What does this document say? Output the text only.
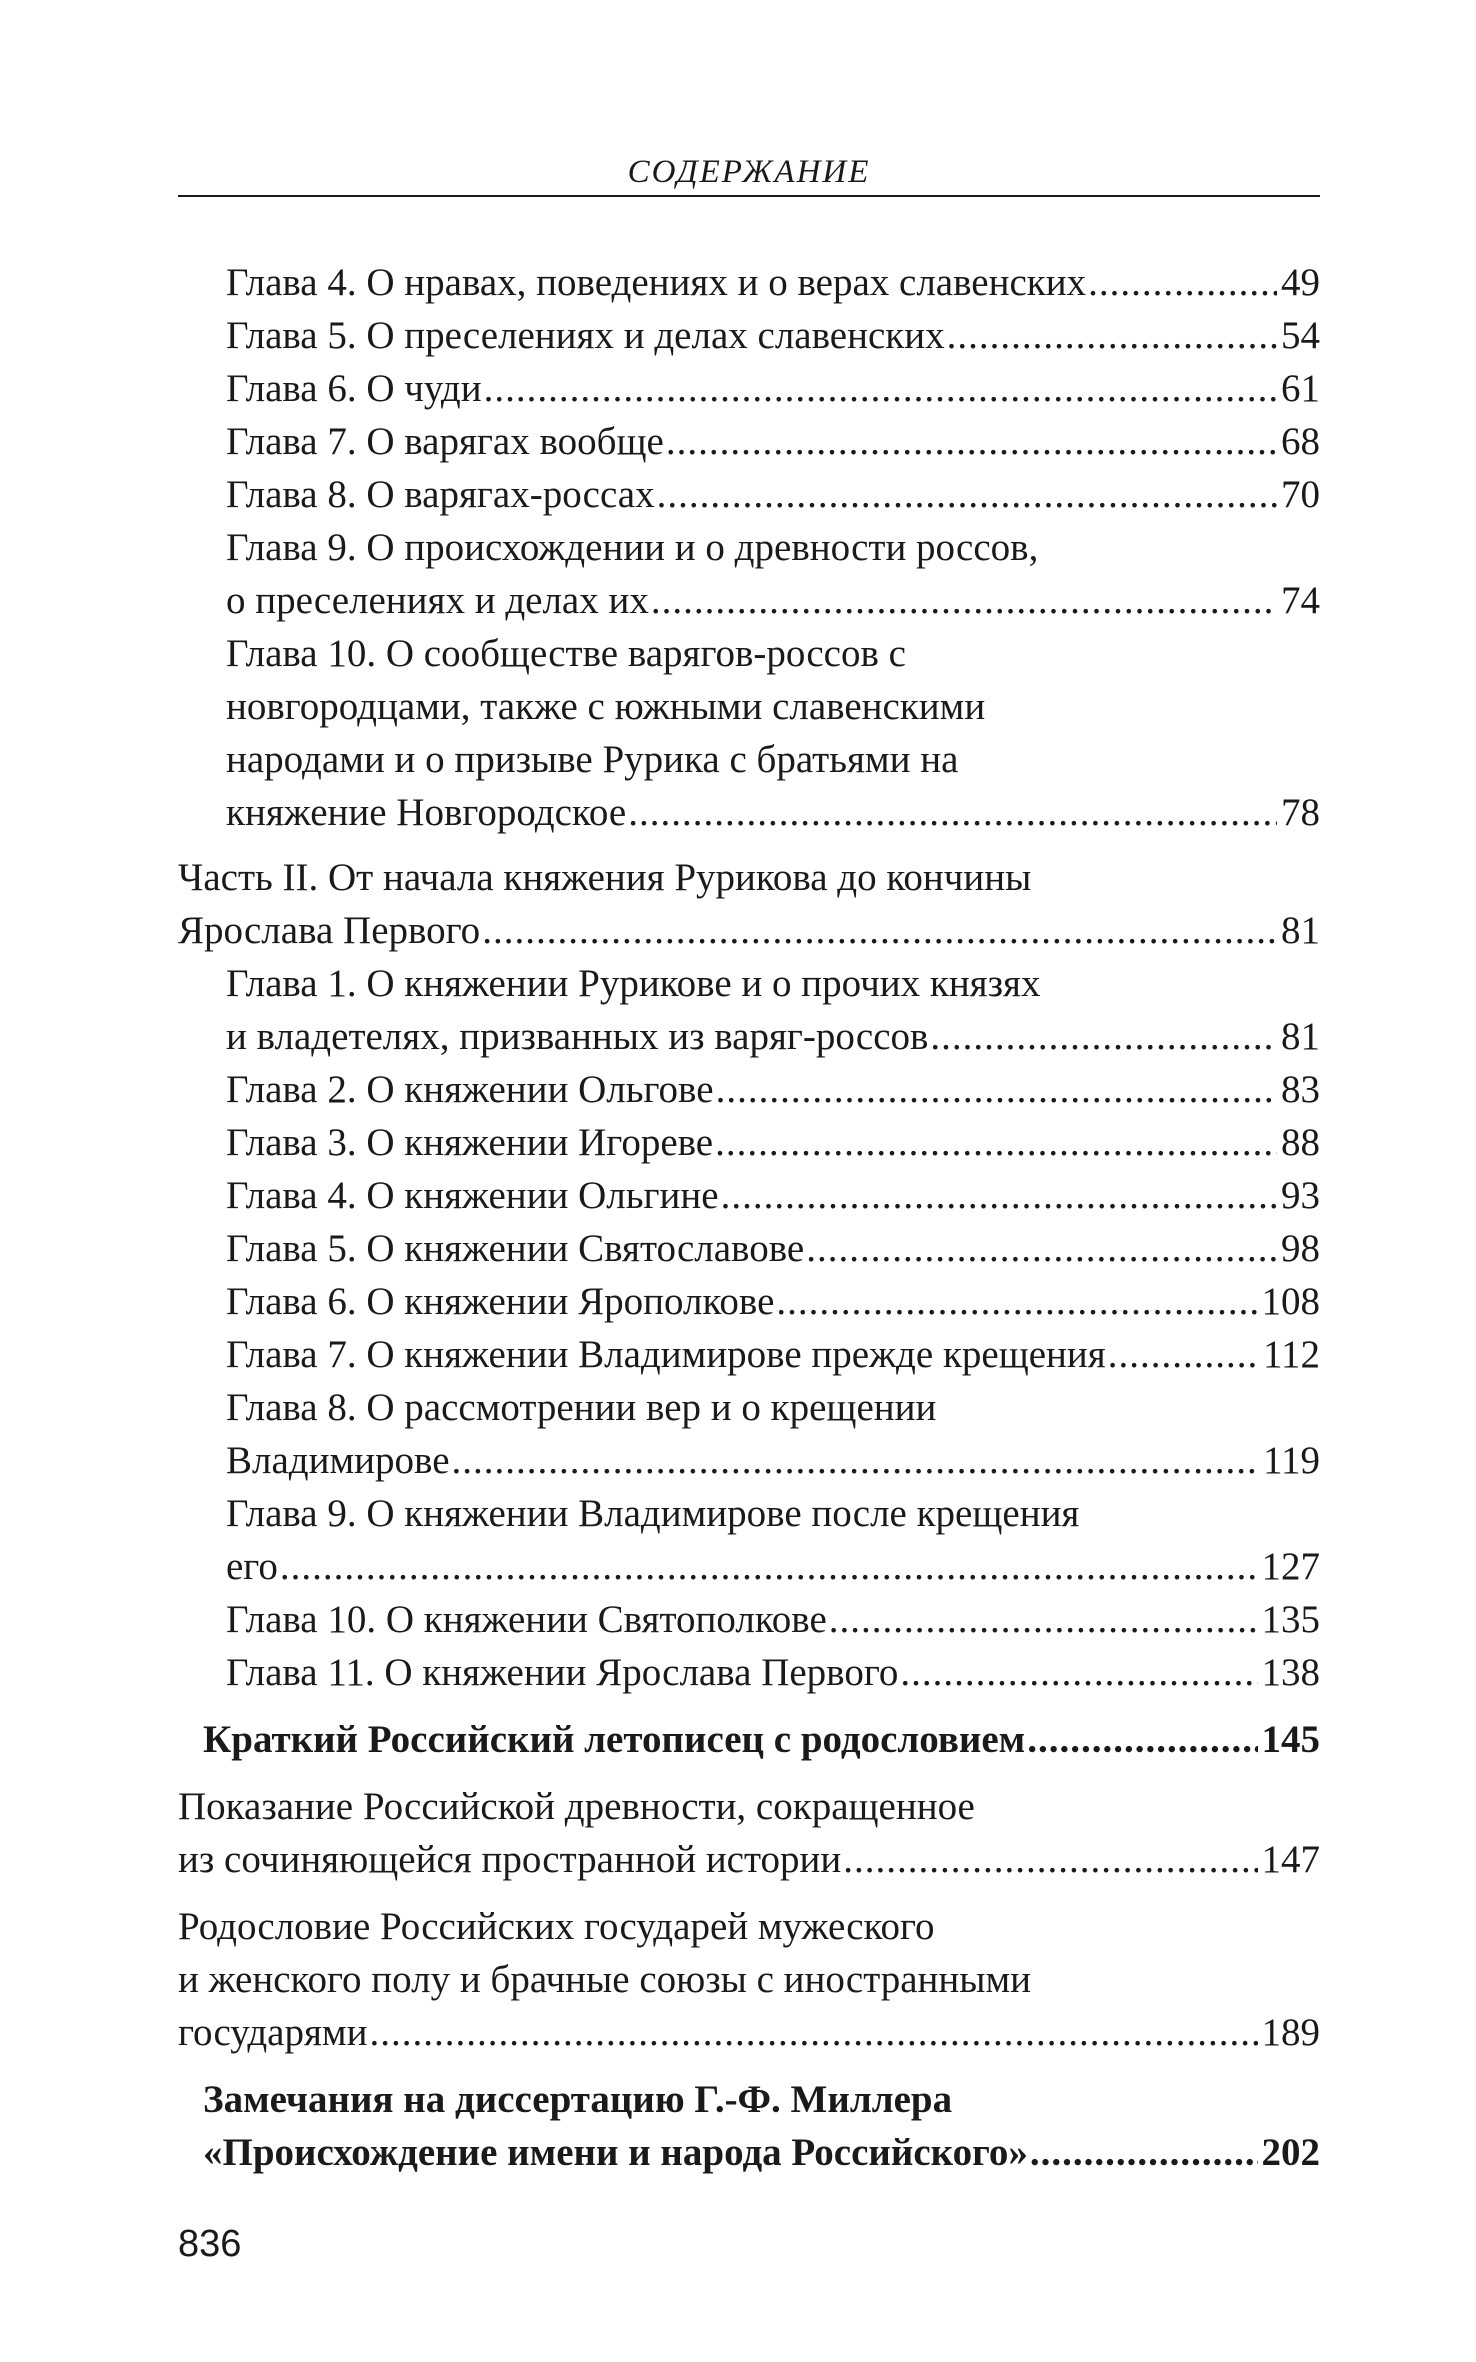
СОДЕРЖАНИЕ
Глава 4. О нравах, поведениях и о верах славенских .....	49
Глава 5. О преселениях и делах славенских .....	54
Глава 6. О чуди .....	61
Глава 7. О варягах вообще .....	68
Глава 8. О варягах-россах .....	70
Глава 9. О происхождении и о древности россов,
о преселениях и делах их .....	74
Глава 10. О сообществе варягов-россов с
новгородцами, также с южными славенскими
народами и о призыве Рурика с братьями на
княжение Новгородское .....	78
Часть II. От начала княжения Рурикова до кончины
Ярослава Первого .....	81
Глава 1. О княжении Рурикове и о прочих князях
и владетелях, призванных из варяг-россов .....	81
Глава 2. О княжении Ольгове .....	83
Глава 3. О княжении Игореве .....	88
Глава 4. О княжении Ольгине .....	93
Глава 5. О княжении Святославове .....	98
Глава 6. О княжении Ярополкове .....	108
Глава 7. О княжении Владимирове прежде крещения .....	112
Глава 8. О рассмотрении вер и о крещении
Владимирове .....	119
Глава 9. О княжении Владимирове после крещения
его .....	127
Глава 10. О княжении Святополкове .....	135
Глава 11. О княжении Ярослава Первого .....	138
Краткий Российский летописец с родословием .....	145
Показание Российской древности, сокращенное
из сочиняющейся пространной истории .....	147
Родословие Российских государей мужеского
и женского полу и брачные союзы с иностранными
государями .....	189
Замечания на диссертацию Г.-Ф. Миллера
«Происхождение имени и народа Российского» .....	202
836
